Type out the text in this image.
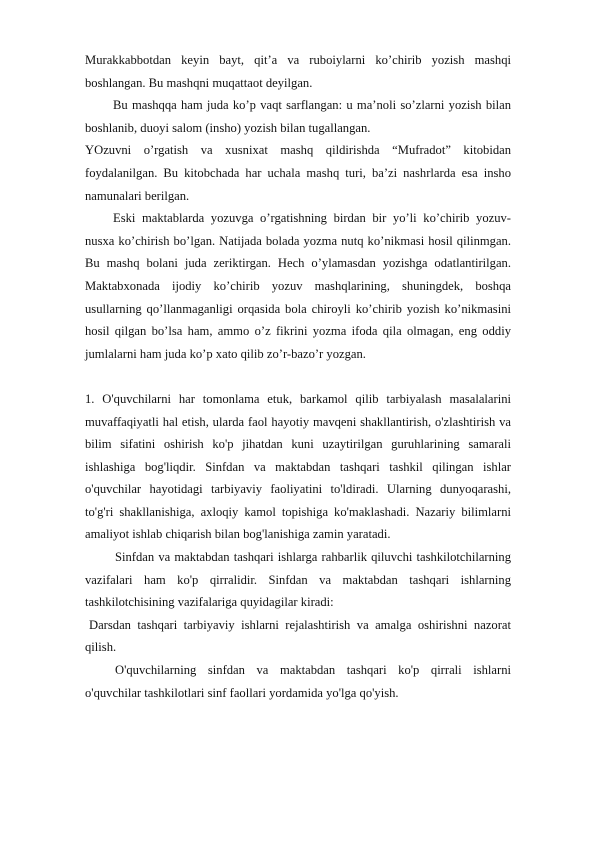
Murakkabbotdan keyin bayt, qit’a va ruboiylarni ko’chirib yozish mashqi boshlangan. Bu mashqni muqattaot deyilgan.

Bu mashqqa ham juda ko’p vaqt sarflangan: u ma’noli so’zlarni yozish bilan boshlanib, duoyi salom (insho) yozish bilan tugallangan.

YOzuvni o’rgatish va xusnixat mashq qildirishda “Mufradot” kitobidan foydalanilgan. Bu kitobchada har uchala mashq turi, ba’zi nashrlarda esa insho namunalari berilgan.

Eski maktablarda yozuvga o’rgatishning birdan bir yo’li ko’chirib yozuv-nusxa ko’chirish bo’lgan. Natijada bolada yozma nutq ko’nikmasi hosil qilinmgan. Bu mashq bolani juda zeriktirgan. Hech o’ylamasdan yozishga odatlantirilgan. Maktabxonada ijodiy ko’chirib yozuv mashqlarining, shuningdek, boshqa usullarning qo’llanmaganligi orqasida bola chiroyli ko’chirib yozish ko’nikmasini hosil qilgan bo’lsa ham, ammo o’z fikrini yozma ifoda qila olmagan, eng oddiy jumlalarni ham juda ko’p xato qilib zo’r-bazo’r yozgan.

1. O'quvchilarni har tomonlama etuk, barkamol qilib tarbiyalash masalalarini muvaffaqiyatli hal etish, ularda faol hayotiy mavqeni shakllantirish, o'zlashtirish va bilim sifatini oshirish ko'p jihatdan kuni uzaytirilgan guruhlarining samarali ishlashiga bog'liqdir. Sinfdan va maktabdan tashqari tashkil qilingan ishlar o'quvchilar hayotidagi tarbiyaviy faoliyatini to'ldiradi. Ularning dunyoqarashi, to'g'ri shakllanishiga, axloqiy kamol topishiga ko'maklashadi. Nazariy bilimlarni amaliyot ishlab chiqarish bilan bog'lanishiga zamin yaratadi.

Sinfdan va maktabdan tashqari ishlarga rahbarlik qiluvchi tashkilotchilarning vazifalari ham ko'p qirralidir. Sinfdan va maktabdan tashqari ishlarning tashkilotchisining vazifalariga quyidagilar kiradi:

Darsdan tashqari tarbiyaviy ishlarni rejalashtirish va amalga oshirishni nazorat qilish.

O'quvchilarning sinfdan va maktabdan tashqari ko'p qirrali ishlarni o'quvchilar tashkilotlari sinf faollari yordamida yo'lga qo'yish.
